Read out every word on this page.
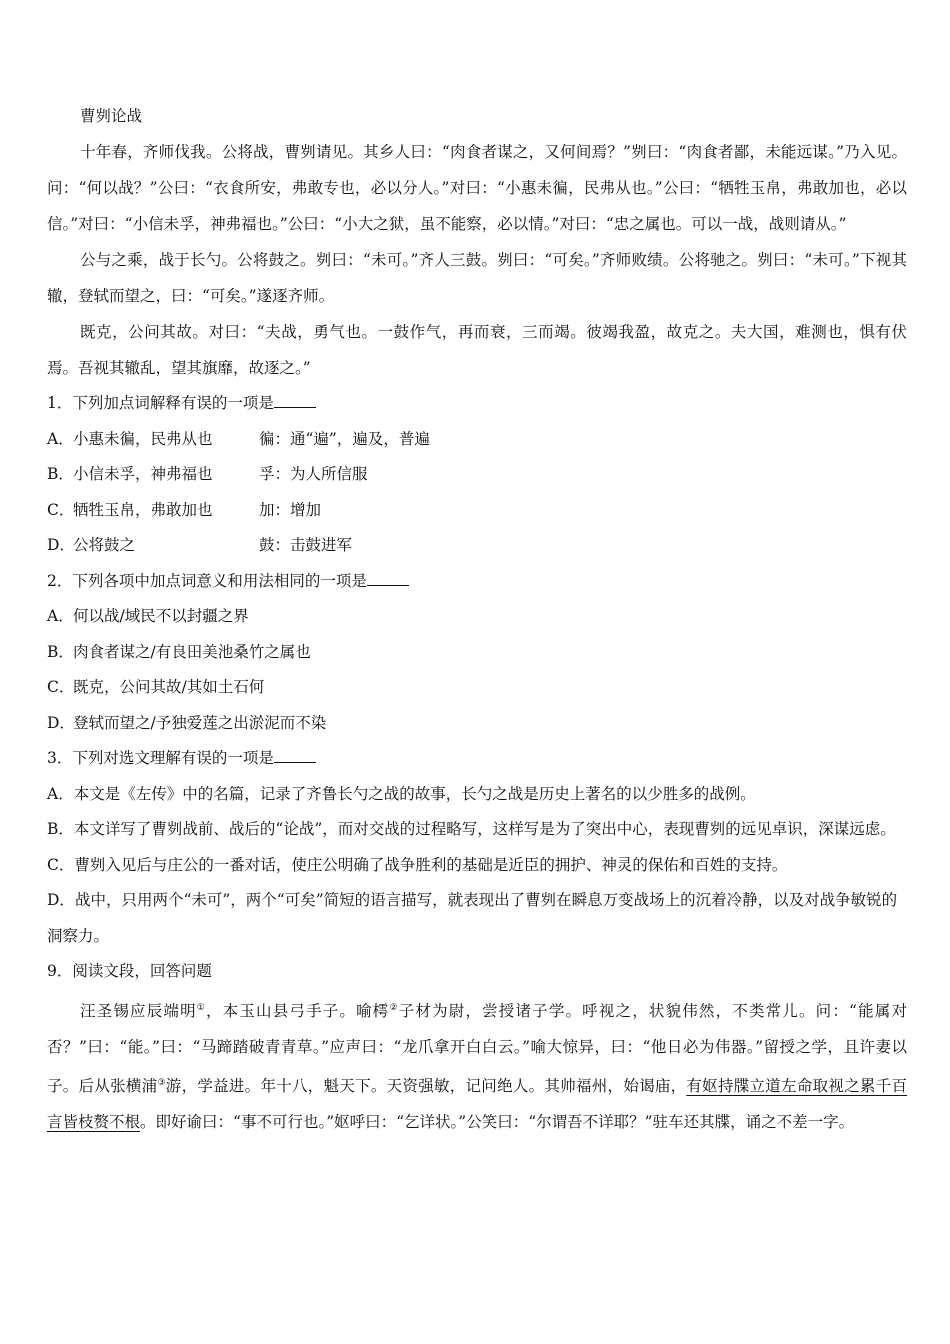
曹刿论战

十年春，齐师伐我。公将战，曹刿请见。其乡人曰：“肉食者谋之，又何间焉？”刿曰：“肉食者鄙，未能远谋。”乃入见。问：“何以战？”公曰：“衣食所安，弗敢专也，必以分人。”对曰：“小惠未徧，民弗从也。”公曰：“牺牲玉帛，弗敢加也，必以信。”对曰：“小信未孚，神弗福也。”公曰：“小大之狱，虽不能察，必以情。”对曰：“忠之属也。可以一战，战则请从。”

公与之乘，战于长勺。公将鼓之。刿曰：“未可。”齐人三鼓。刿曰：“可矣。”齐师败绩。公将驰之。刿曰：“未可。”下视其辙，登轼而望之，曰：“可矣。”遂逐齐师。

既克，公问其故。对曰：“夫战，勇气也。一鼓作气，再而衰，三而竭。彼竭我盈，故克之。夫大国，难测也，惧有伏焉。吾视其辙乱，望其旗靡，故逐之。”

1．下列加点词解释有误的一项是

A．小惠未徧，民弗从也	徧：通“遍”，遍及，普遍

B．小信未孚，神弗福也	孚：为人所信服

C．牺牲玉帛，弗敢加也	加：增加

D．公将鼓之	鼓：击鼓进军

2．下列各项中加点词意义和用法相同的一项是

A．何以战/域民不以封疆之界

B．肉食者谋之/有良田美池桑竹之属也

C．既克，公问其故/其如土石何

D．登轼而望之/予独爱莲之出淤泥而不染

3．下列对选文理解有误的一项是

A．本文是《左传》中的名篇，记录了齐鲁长勺之战的故事，长勺之战是历史上著名的以少胜多的战例。

B．本文详写了曹刿战前、战后的“论战”，而对交战的过程略写，这样写是为了突出中心，表现曹刿的远见卓识，深谋远虑。

C．曹刿入见后与庄公的一番对话，使庄公明确了战争胜利的基础是近臣的拥护、神灵的保佑和百姓的支持。

D．战中，只用两个“未可”，两个“可矣”简短的语言描写，就表现出了曹刿在瞬息万变战场上的沉着冷静，以及对战争敏锐的洞察力。

9．阅读文段，回答问题

汪圣锡应辰端明①，本玉山县弓手子。喻樗②子材为尉，尝授诸子学。呼视之，状貌伟然，不类常儿。问：“能属对否？”曰：“能。”曰：“马蹄踏破青青草。”应声曰：“龙爪拿开白白云。”喻大惊异，曰：“他日必为伟器。”留授之学，且许妻以子。后从张横浦③游，学益进。年十八，魁天下。天资强敏，记问绝人。其帅福州，始谒庙，有妪持牒立道左命取视之累千百言皆枝赘不根。即好谕曰：“事不可行也。”妪呼曰：“乞详状。”公笑曰：“尔谓吾不详耶？”驻车还其牒，诵之不差一字。
